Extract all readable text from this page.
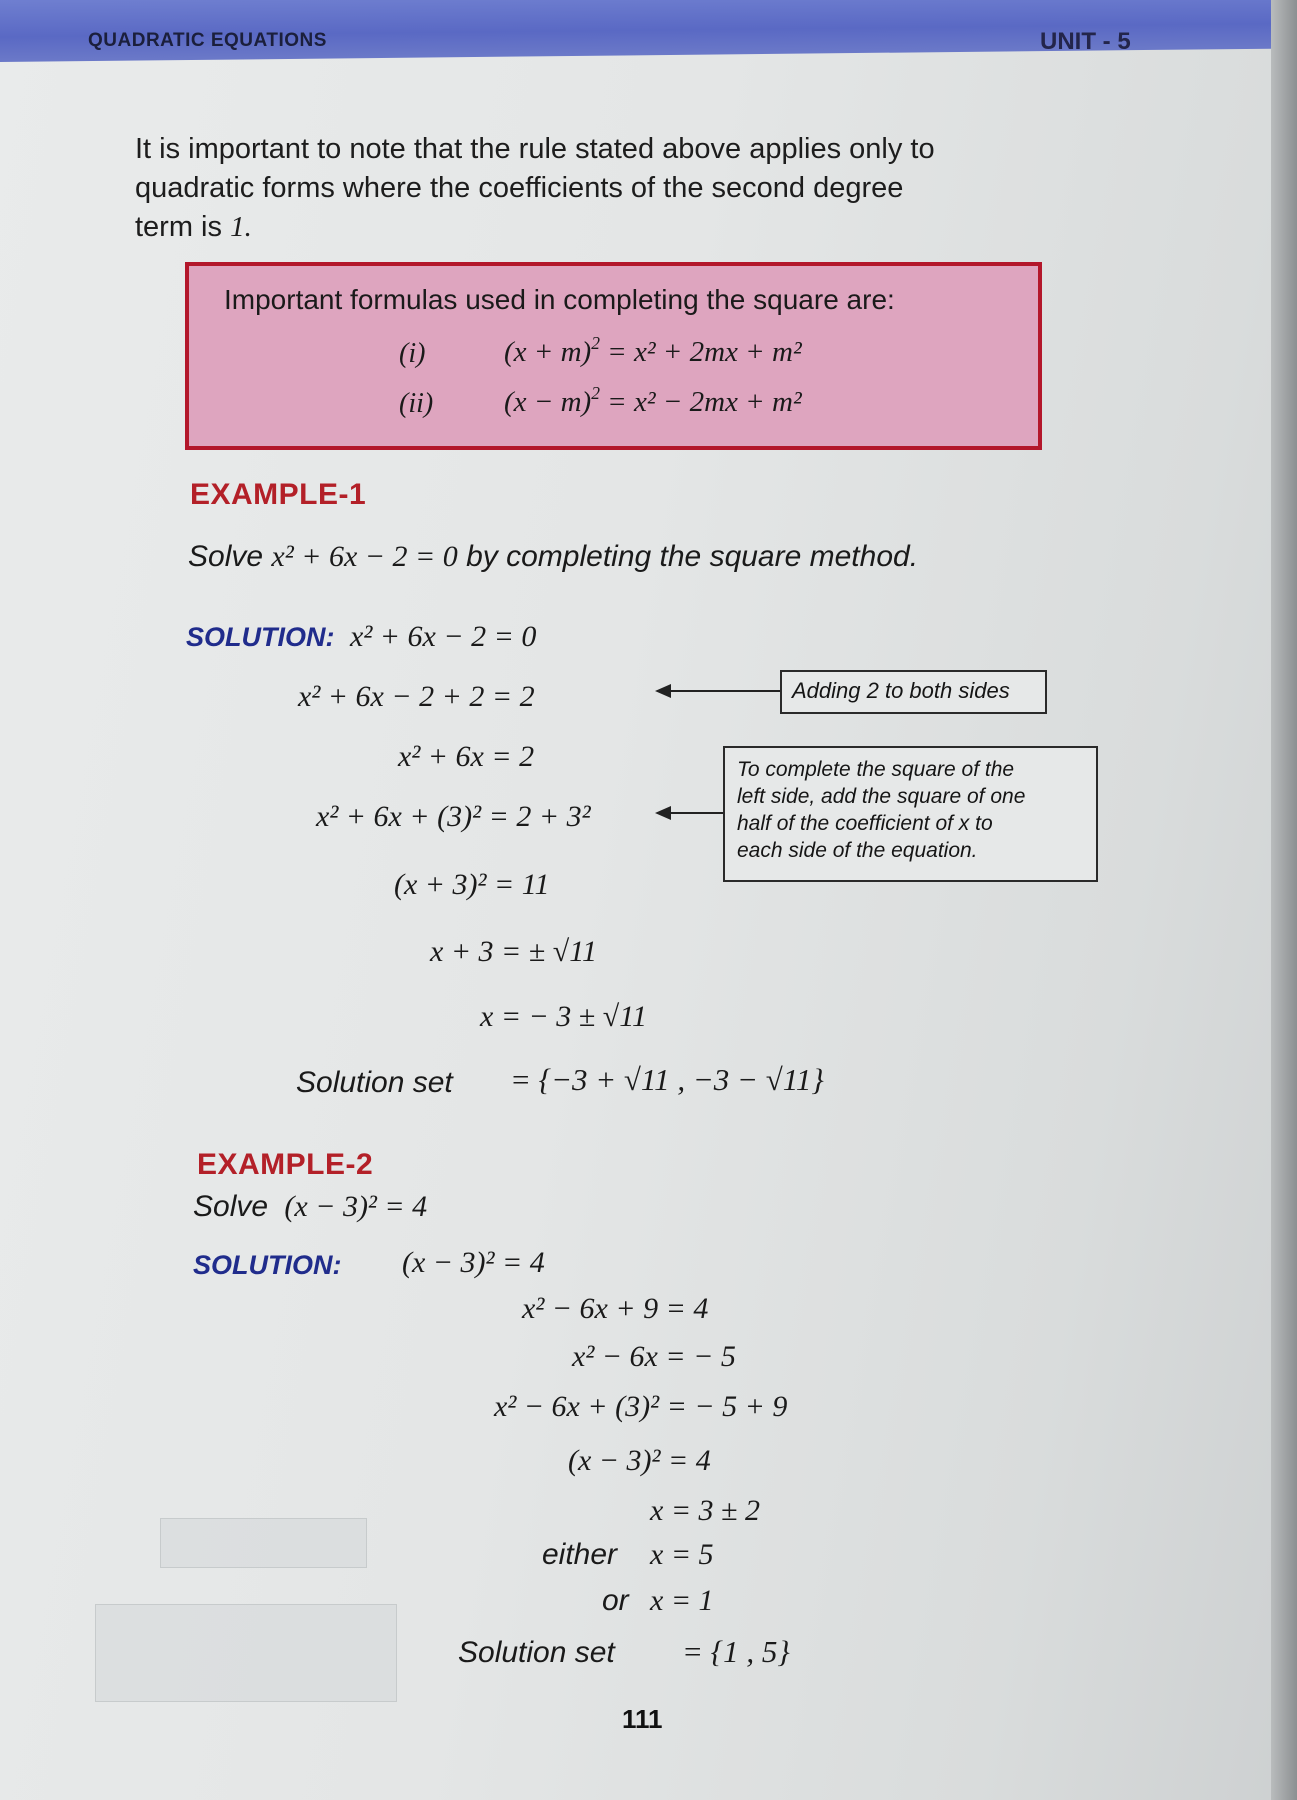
QUADRATIC EQUATIONS	UNIT - 5
It is important to note that the rule stated above applies only to
quadratic forms where the coefficients of the second degree
term is 1.
Important formulas used in completing the square are:
(i)	$(x + m)^2 = x^2 + 2mx + m^2$
(ii) $(x - m)^2 = x^2 - 2mx + m^2$
EXAMPLE-1
Solve x² + 6x − 2 = 0 by completing the square method.
SOLUTION: x² + 6x − 2 = 0
x² + 6x − 2 + 2 = 2
x² + 6x = 2
x² + 6x + (3)² = 2 + 3²
(x + 3)² = 11
x + 3 = ± √11
x = − 3 ± √11
Adding 2 to both sides
To complete the square of the
left side, add the square of one
half of the coefficient of x to
each side of the equation.
Solution set = {−3 + √11 , −3 − √11}
EXAMPLE-2
Solve (x − 3)² = 4
SOLUTION: (x − 3)² = 4
x² − 6x + 9 = 4
x² − 6x = − 5
x² − 6x + (3)² = − 5 + 9
(x − 3)² = 4
x = 3 ± 2
either x = 5
or x = 1
Solution set = {1 , 5}
111
